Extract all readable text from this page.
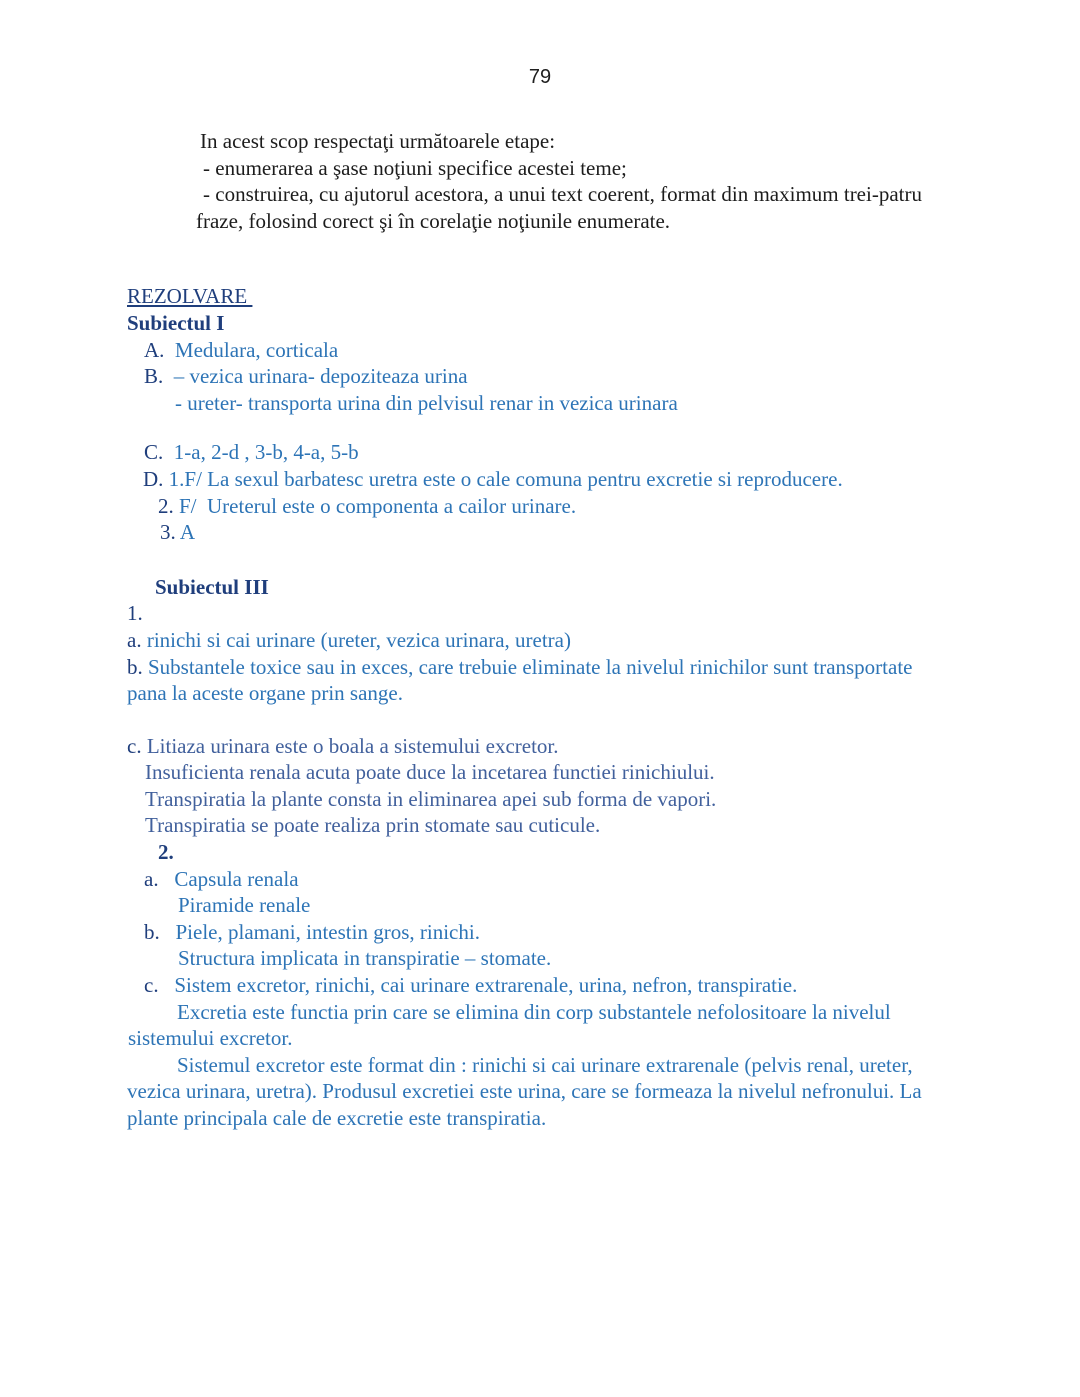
79
In acest scop respectaţi următoarele etape:
- enumerarea a şase noţiuni specifice acestei teme;
- construirea, cu ajutorul acestora, a unui text coerent, format din maximum trei-patru
fraze, folosind corect şi în corelaţie noţiunile enumerate.
REZOLVARE
Subiectul I
A.  Medulara, corticala
B.  – vezica urinara- depoziteaza urina
- ureter- transporta urina din pelvisul renar in vezica urinara
C.  1-a, 2-d , 3-b, 4-a, 5-b
D. 1.F/ La sexul barbatesc uretra este o cale comuna pentru excretie si reproducere.
2. F/  Ureterul este o componenta a cailor urinare.
3. A
Subiectul III
1.
a. rinichi si cai urinare (ureter, vezica urinara, uretra)
b. Substantele toxice sau in exces, care trebuie eliminate la nivelul rinichilor sunt transportate
pana la aceste organe prin sange.
c. Litiaza urinara este o boala a sistemului excretor.
Insuficienta renala acuta poate duce la incetarea functiei rinichiului.
Transpiratia la plante consta in eliminarea apei sub forma de vapori.
Transpiratia se poate realiza prin stomate sau cuticule.
2.
a.   Capsula renala
Piramide renale
b.   Piele, plamani, intestin gros, rinichi.
Structura implicata in transpiratie – stomate.
c.   Sistem excretor, rinichi, cai urinare extrarenale, urina, nefron, transpiratie.
Excretia este functia prin care se elimina din corp substantele nefolositoare la nivelul
sistemului excretor.
Sistemul excretor este format din : rinichi si cai urinare extrarenale (pelvis renal, ureter,
vezica urinara, uretra). Produsul excretiei este urina, care se formeaza la nivelul nefronului. La
plante principala cale de excretie este transpiratia.
